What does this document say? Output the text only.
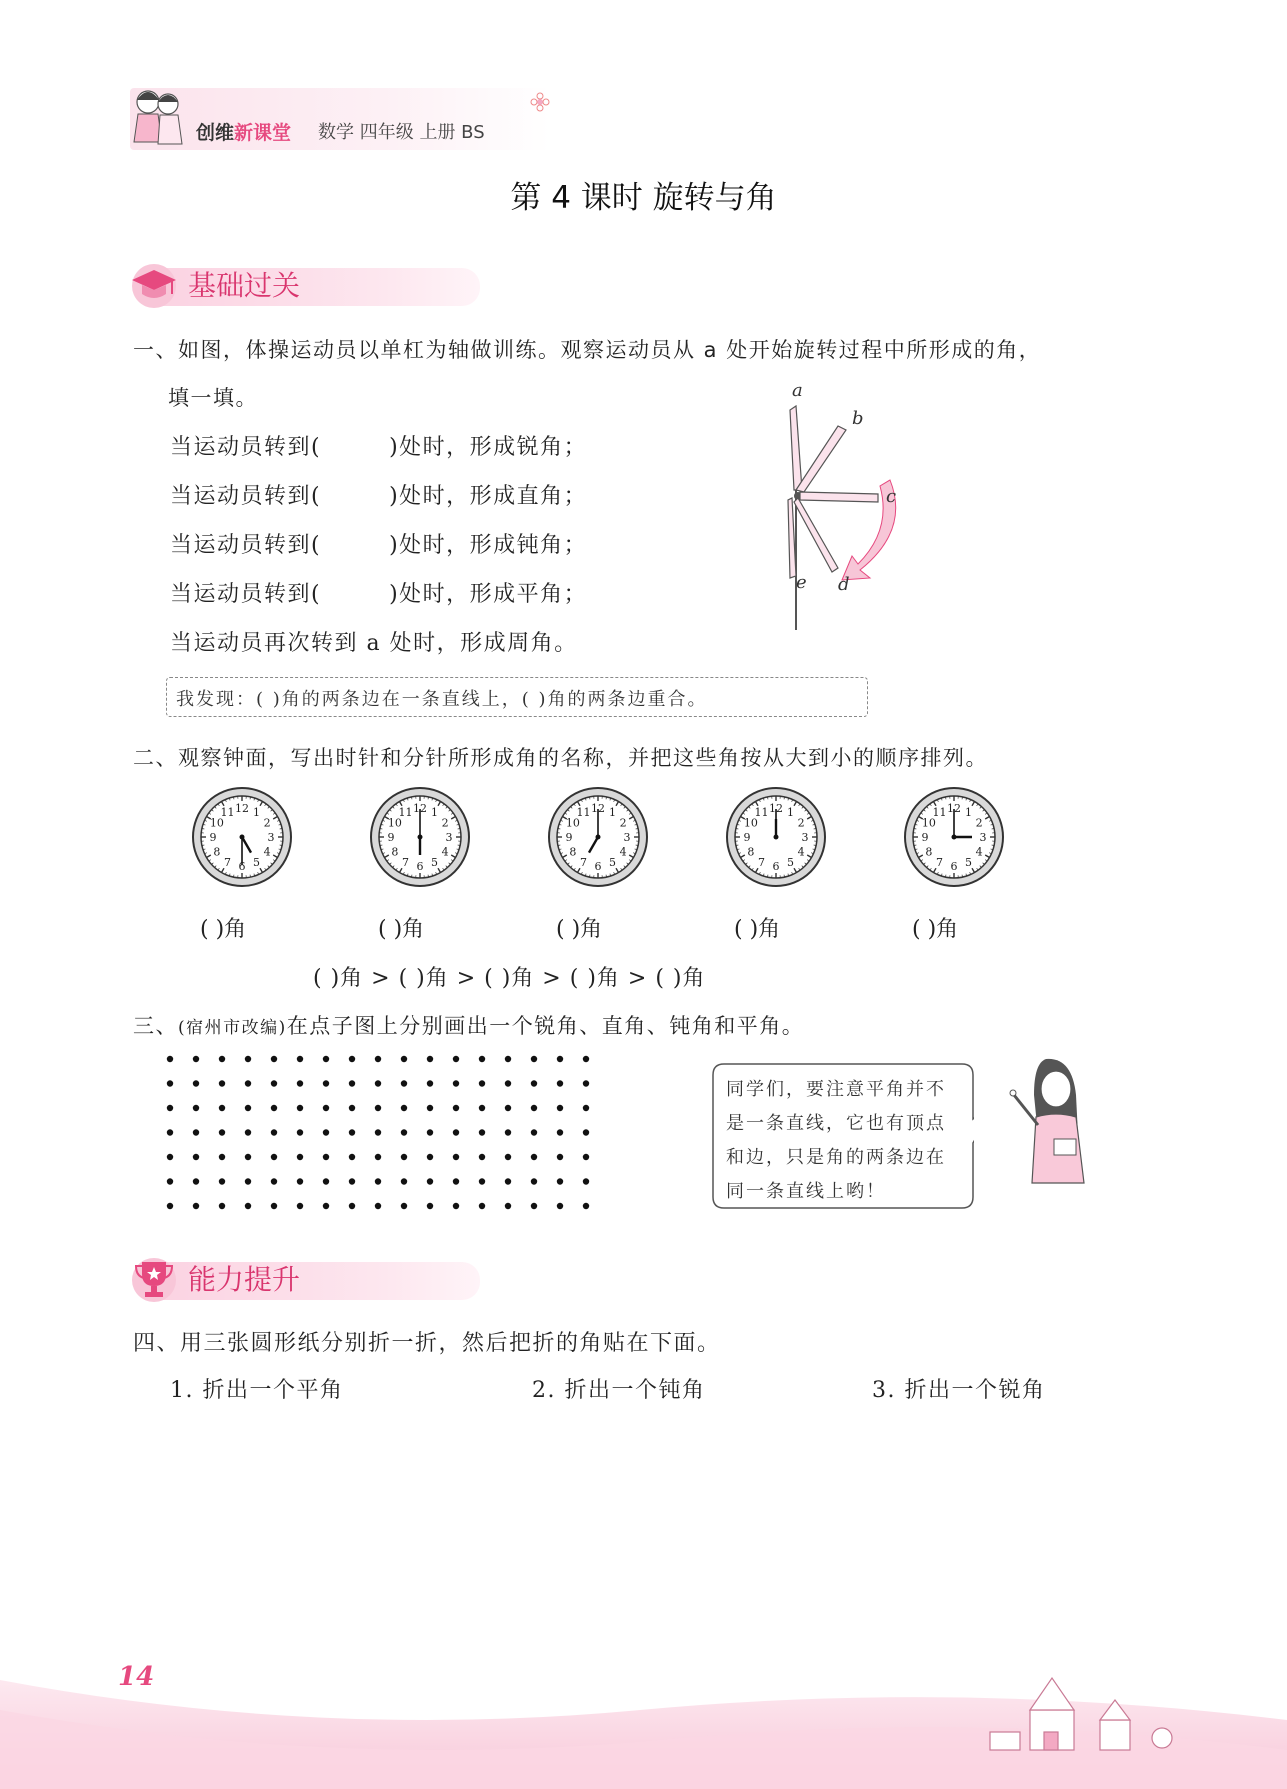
创维新课堂 数学 四年级 上册 BS
第 4 课时 旋转与角
基础过关
一、如图，体操运动员以单杠为轴做训练。观察运动员从 a 处开始旋转过程中所形成的角，
填一填。
当运动员转到(	)处时，形成锐角；
当运动员转到(	)处时，形成直角；
当运动员转到(	)处时，形成钝角；
当运动员转到(	)处时，形成平角；
当运动员再次转到 a 处时，形成周角。
我发现：( )角的两条边在一条直线上，( )角的两条边重合。
a
b
c
d
e
二、观察钟面，写出时针和分针所形成角的名称，并把这些角按从大到小的顺序排列。
12 1
2
3
4
5
6
7
8
9
10
11	12 1
2
3
4
5
6
7
8
9
10
11	12 1
2
3
4
5
6
7
8
9
10
11	12 1
2
3
4
5
6
7
8
9
10
11	12 1
2
3
4
5
6
7
8
9
10
11
( )角	( )角	( )角	( )角	( )角
( )角 > ( )角 > ( )角 > ( )角 > ( )角
三、(宿州市改编)在点子图上分别画出一个锐角、直角、钝角和平角。
同学们，要注意平角并不
是一条直线，它也有顶点
和边，只是角的两条边在
同一条直线上哟！
能力提升
四、用三张圆形纸分别折一折，然后把折的角贴在下面。
1. 折出一个平角	2. 折出一个钝角	3. 折出一个锐角
14
